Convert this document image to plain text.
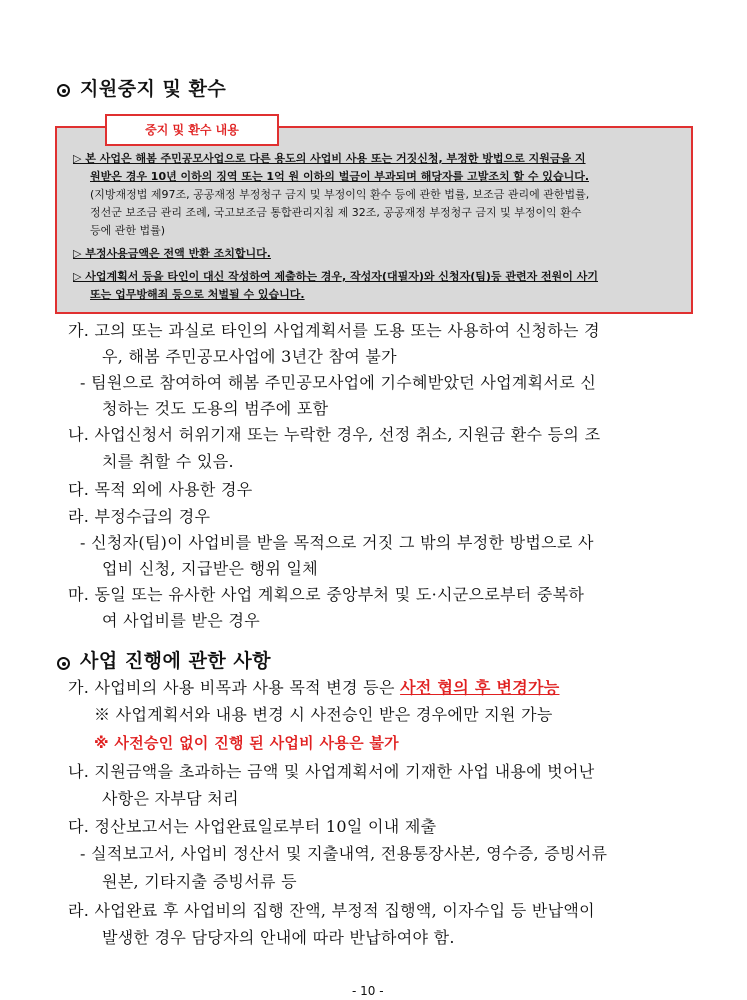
지원중지 및 환수
중지 및 환수 내용
▷ 본 사업은 해봄 주민공모사업으로 다른 용도의 사업비 사용 또는 거짓신청, 부정한 방법으로 지원금을 지
원받은 경우 10년 이하의 징역 또는 1억 원 이하의 벌금이 부과되며 해당자를 고발조치 할 수 있습니다.
(지방재정법 제97조, 공공재정 부정청구 금지 및 부정이익 환수 등에 관한 법률, 보조금 관리에 관한법률,
정선군 보조금 관리 조례, 국고보조금 통합관리지침 제 32조, 공공재정 부정청구 금지 및 부정이익 환수
등에 관한 법률)
▷ 부정사용금액은 전액 반환 조치합니다.
▷ 사업계획서 등을 타인이 대신 작성하여 제출하는 경우, 작성자(대필자)와 신청자(팀)등 관련자 전원이 사기
또는 업무방해죄 등으로 처벌될 수 있습니다.
가. 고의 또는 과실로 타인의 사업계획서를 도용 또는 사용하여 신청하는 경
우, 해봄 주민공모사업에 3년간 참여 불가
- 팀원으로 참여하여 해봄 주민공모사업에 기수혜받았던 사업계획서로 신
청하는 것도 도용의 범주에 포함
나. 사업신청서 허위기재 또는 누락한 경우, 선정 취소, 지원금 환수 등의 조
치를 취할 수 있음.
다. 목적 외에 사용한 경우
라. 부정수급의 경우
- 신청자(팀)이 사업비를 받을 목적으로 거짓 그 밖의 부정한 방법으로 사
업비 신청, 지급받은 행위 일체
마. 동일 또는 유사한 사업 계획으로 중앙부처 및 도·시군으로부터 중복하
여 사업비를 받은 경우
사업 진행에 관한 사항
가. 사업비의 사용 비목과 사용 목적 변경 등은 사전 협의 후 변경가능
※ 사업계획서와 내용 변경 시 사전승인 받은 경우에만 지원 가능
※ 사전승인 없이 진행 된 사업비 사용은 불가
나. 지원금액을 초과하는 금액 및 사업계획서에 기재한 사업 내용에 벗어난
사항은 자부담 처리
다. 정산보고서는 사업완료일로부터 10일 이내 제출
- 실적보고서, 사업비 정산서 및 지출내역, 전용통장사본, 영수증, 증빙서류
원본, 기타지출 증빙서류 등
라. 사업완료 후 사업비의 집행 잔액, 부정적 집행액, 이자수입 등 반납액이
발생한 경우 담당자의 안내에 따라 반납하여야 함.
- 10 -
